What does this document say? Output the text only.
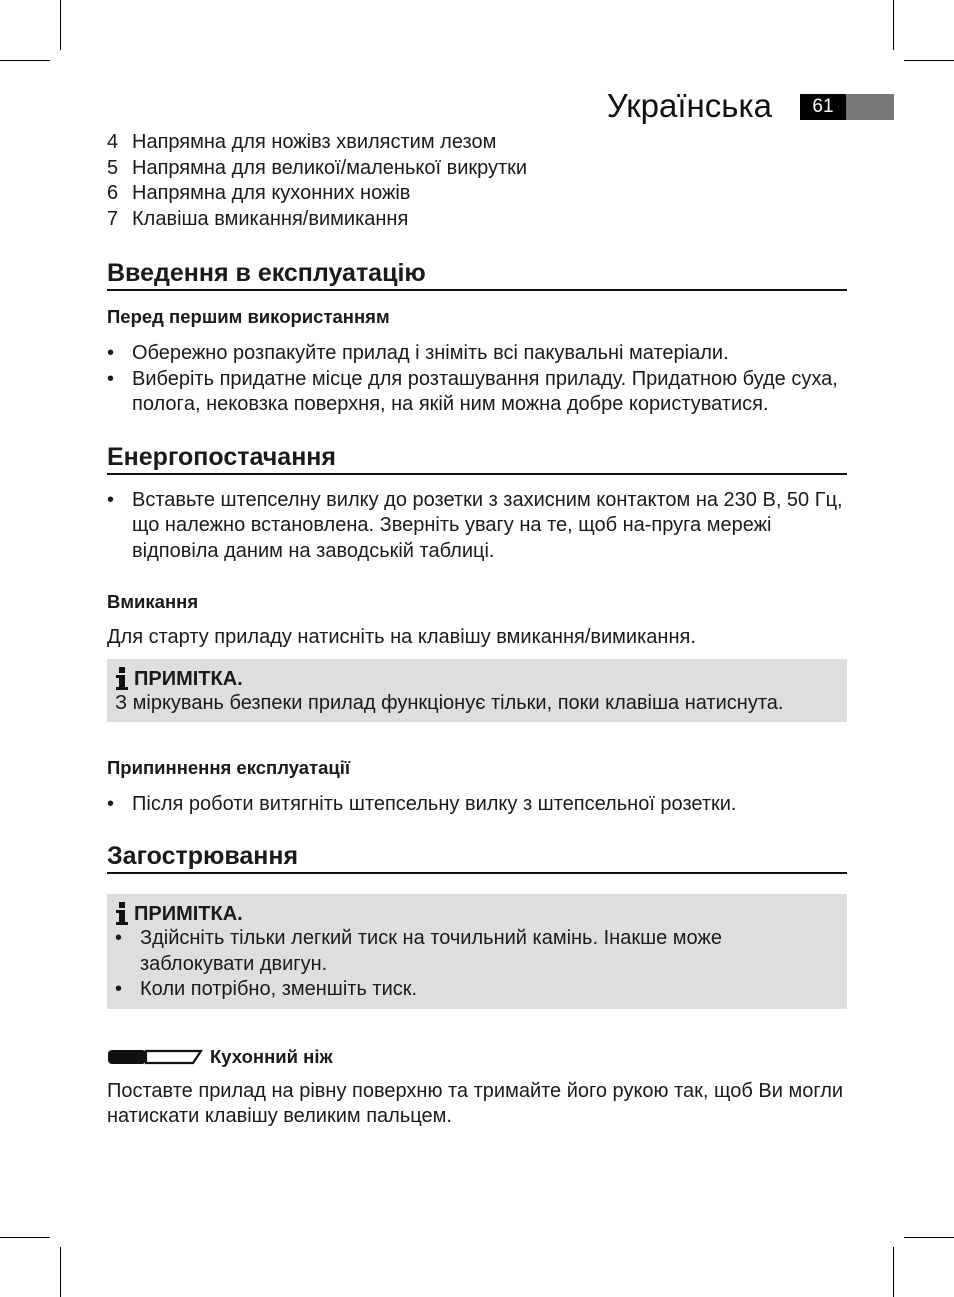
Українська	61
4 Напрямна для ножівз хвилястим лезом
5 Напрямна для великої/маленької викрутки
6 Напрямна для кухонних ножів
7 Клавіша вмикання/вимикання
Введення в експлуатацію
Перед першим використанням
• Обережно розпакуйте прилад і зніміть всі пакувальні матеріали.
• Виберіть придатне місце для розташування приладу. Придатною буде суха, пологa, нековзка поверхня, на якій ним можна добре користуватися.
Енергопостачання
• Вставьте штепселну вилку до розетки з захисним контактом на 230 В, 50 Гц, що належно встановлена. Зверніть увагу на те, щоб на-пруга мережі відповіла даним на заводській таблиці.
Вмикання

Для старту приладу натисніть на клавішу вмикання/вимикання.

ПРИМІТКА.
З міркувань безпеки прилад функціонує тільки, поки клавіша натиснута.
Припиннення експлуатації
• Після роботи витягніть штепсельну вилку з штепсельної розетки.
Загострювання
ПРИМІТКА.
• Здійсніть тільки легкий тиск на точильний камінь. Інакше може заблокувати двигун.
• Коли потрібно, зменшіть тиск.
Кухонний ніж

Поставте прилад на рівну поверхню та тримайте його рукою так, щоб Ви могли натискати клавішу великим пальцем.
